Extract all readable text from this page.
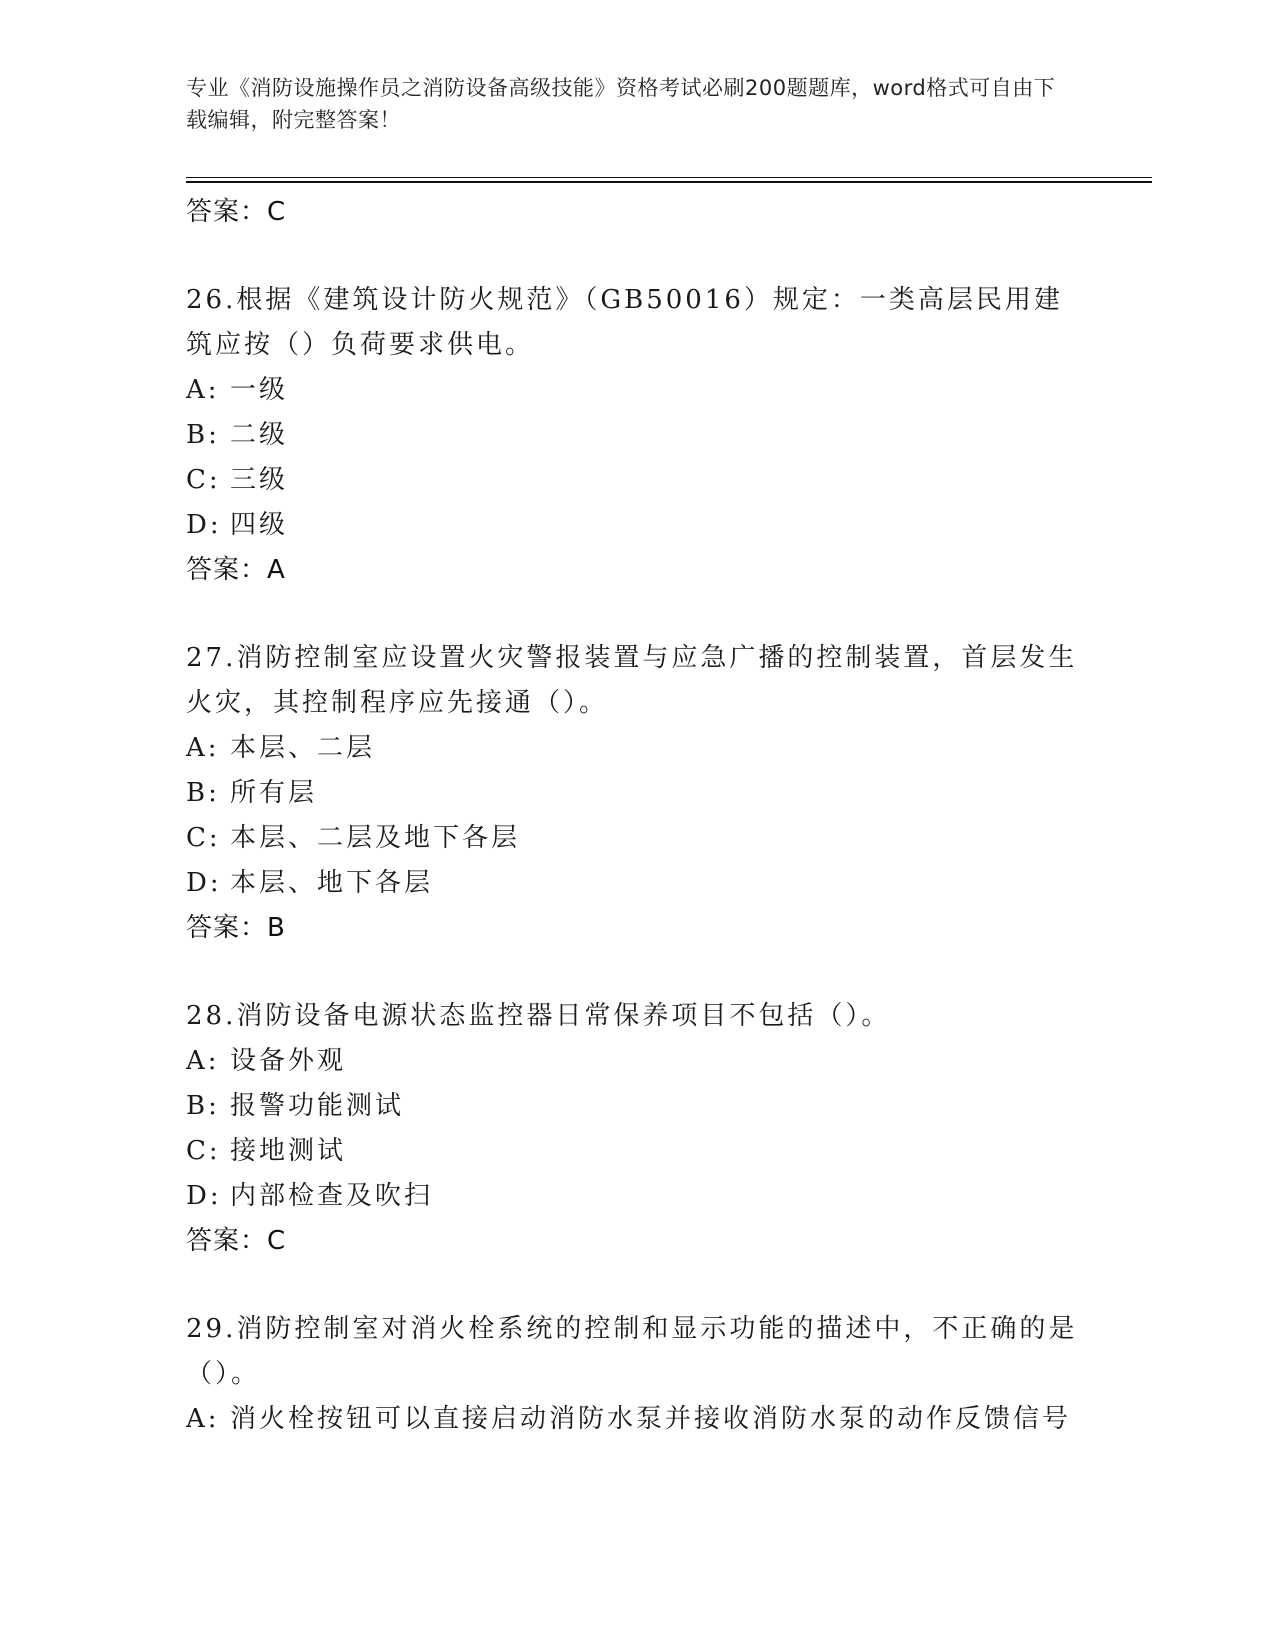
专业《消防设施操作员之消防设备高级技能》资格考试必刷200题题库，word格式可自由下载编辑，附完整答案！
答案：C
26.根据《建筑设计防火规范》（GB50016）规定：一类高层民用建筑应按（）负荷要求供电。
A: 一级
B: 二级
C: 三级
D: 四级
答案：A
27.消防控制室应设置火灾警报装置与应急广播的控制装置，首层发生火灾，其控制程序应先接通（）。
A: 本层、二层
B: 所有层
C: 本层、二层及地下各层
D: 本层、地下各层
答案：B
28.消防设备电源状态监控器日常保养项目不包括（）。
A: 设备外观
B: 报警功能测试
C: 接地测试
D: 内部检查及吹扫
答案：C
29.消防控制室对消火栓系统的控制和显示功能的描述中，不正确的是（）。
A: 消火栓按钮可以直接启动消防水泵并接收消防水泵的动作反馈信号
